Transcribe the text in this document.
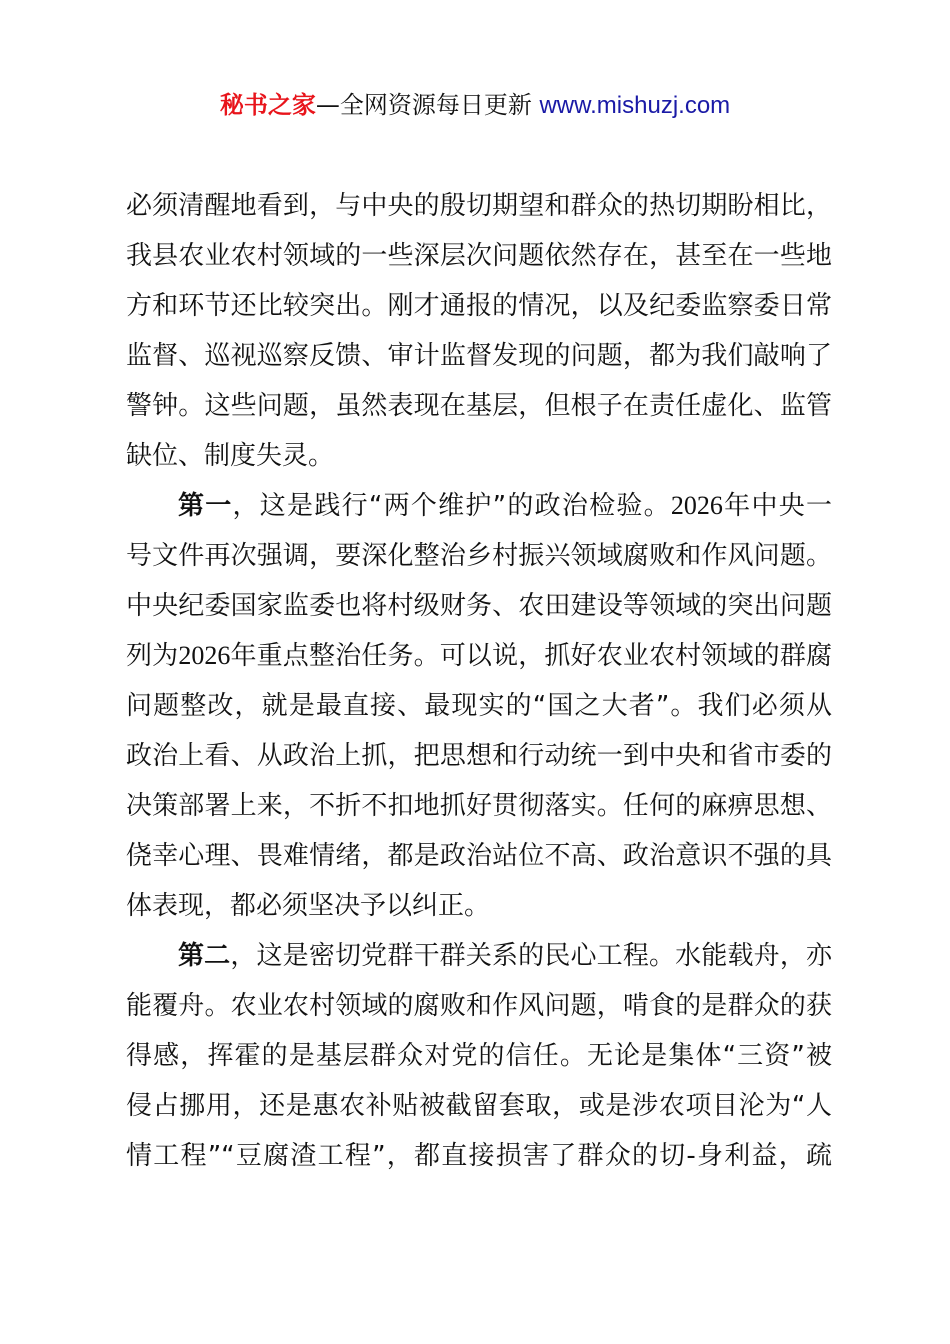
秘书之家—全网资源每日更新 www.mishuzj.com
必须清醒地看到，与中央的殷切期望和群众的热切期盼相比，
我县农业农村领域的一些深层次问题依然存在，甚至在一些地
方和环节还比较突出。刚才通报的情况，以及纪委监察委日常
监督、巡视巡察反馈、审计监督发现的问题，都为我们敲响了
警钟。这些问题，虽然表现在基层，但根子在责任虚化、监管
缺位、制度失灵。
第一，这是践行“两个维护”的政治检验。2026年中央一
号文件再次强调，要深化整治乡村振兴领域腐败和作风问题。
中央纪委国家监委也将村级财务、农田建设等领域的突出问题
列为2026年重点整治任务。可以说，抓好农业农村领域的群腐
问题整改，就是最直接、最现实的“国之大者”。我们必须从
政治上看、从政治上抓，把思想和行动统一到中央和省市委的
决策部署上来，不折不扣地抓好贯彻落实。任何的麻痹思想、
侥幸心理、畏难情绪，都是政治站位不高、政治意识不强的具
体表现，都必须坚决予以纠正。
第二，这是密切党群干群关系的民心工程。水能载舟，亦
能覆舟。农业农村领域的腐败和作风问题，啃食的是群众的获
得感，挥霍的是基层群众对党的信任。无论是集体“三资”被
侵占挪用，还是惠农补贴被截留套取，或是涉农项目沦为“人
情工程”“豆腐渣工程”，都直接损害了群众的切-身利益，疏
